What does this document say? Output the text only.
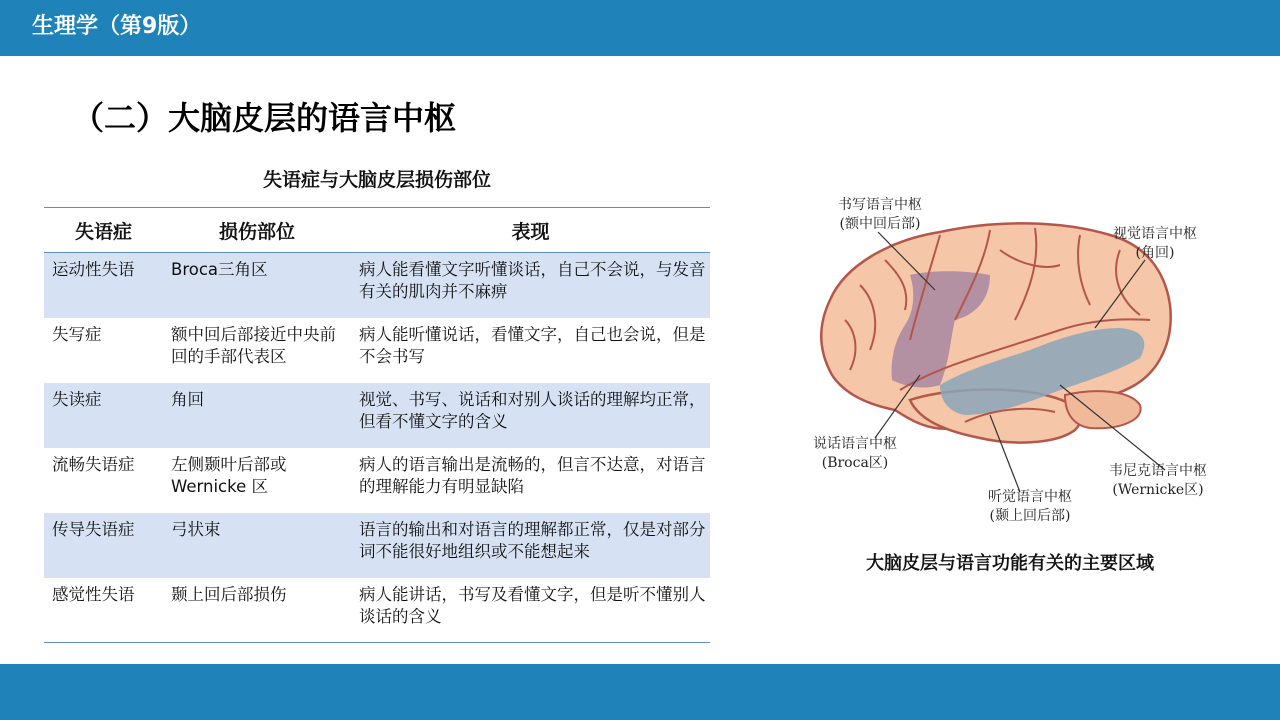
生理学（第9版）
（二）大脑皮层的语言中枢
失语症与大脑皮层损伤部位
失语症	损伤部位	表现
运动性失语	Broca三角区	病人能看懂文字听懂谈话，自己不会说，与发音有关的肌肉并不麻痹
失写症	额中回后部接近中央前回的手部代表区	病人能听懂说话，看懂文字，自己也会说，但是不会书写
失读症	角回	视觉、书写、说话和对别人谈话的理解均正常，但看不懂文字的含义
流畅失语症	左侧颞叶后部或 Wernicke 区	病人的语言输出是流畅的，但言不达意，对语言的理解能力有明显缺陷
传导失语症	弓状束	语言的输出和对语言的理解都正常，仅是对部分词不能很好地组织或不能想起来
感觉性失语	颞上回后部损伤	病人能讲话，书写及看懂文字，但是听不懂别人谈话的含义
书写语言中枢
(额中回后部)
视觉语言中枢
(角回)
说话语言中枢
(Broca区)
听觉语言中枢
(颞上回后部)
韦尼克语言中枢
(Wernicke区)
大脑皮层与语言功能有关的主要区域
